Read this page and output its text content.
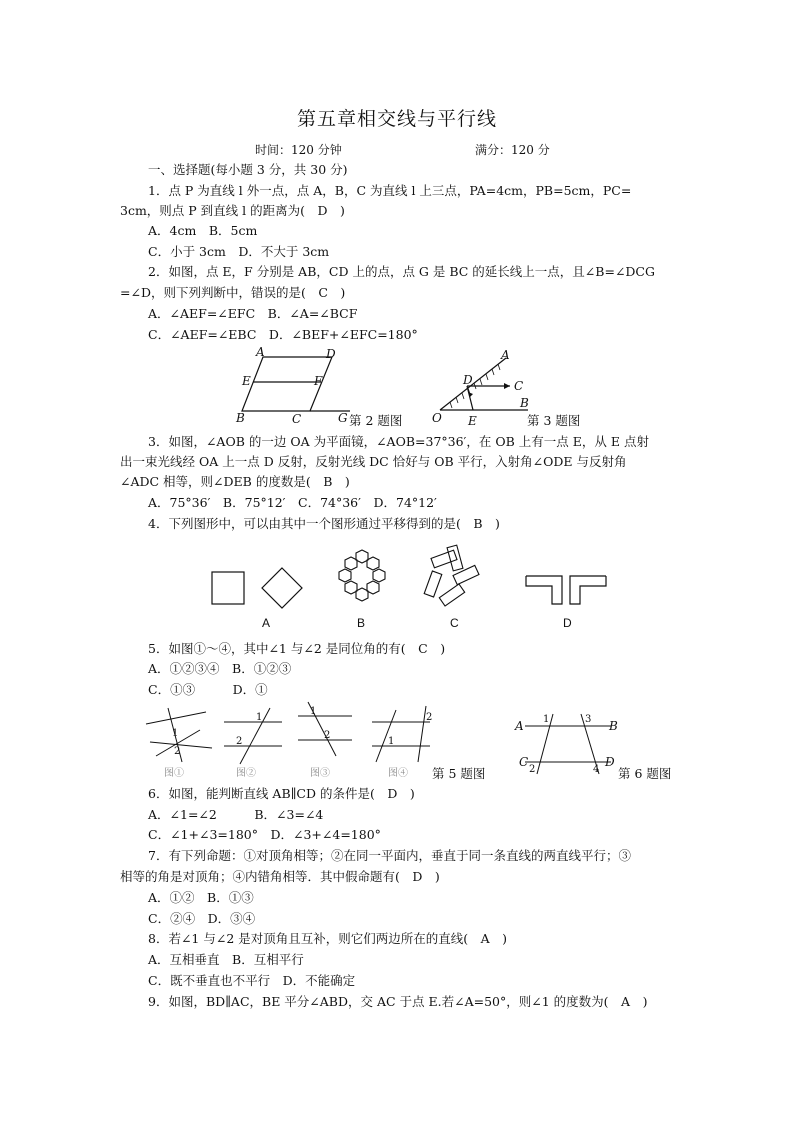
第五章相交线与平行线
时间：120 分钟	满分：120 分
一、选择题(每小题 3 分，共 30 分)
1．点 P 为直线 l 外一点，点 A，B，C 为直线 l 上三点，PA=4cm，PB=5cm，PC=
3cm，则点 P 到直线 l 的距离为(　D　)
A．4cm　B．5cm
C．小于 3cm　D．不大于 3cm
2．如图，点 E，F 分别是 AB，CD 上的点，点 G 是 BC 的延长线上一点，且∠B=∠DCG
=∠D，则下列判断中，错误的是(　C　)
A．∠AEF=∠EFC　B．∠A=∠BCF
C．∠AEF=∠EBC　D．∠BEF+∠EFC=180°
A	D
E	F
B	C	G 第 2 题图
A
D	C
O E
B
第 3 题图
3．如图，∠AOB 的一边 OA 为平面镜，∠AOB=37°36′，在 OB 上有一点 E，从 E 点射
出一束光线经 OA 上一点 D 反射，反射光线 DC 恰好与 OB 平行，入射角∠ODE 与反射角
∠ADC 相等，则∠DEB 的度数是(　B　)
A．75°36′　B．75°12′　C．74°36′　D．74°12′
4．下列图形中，可以由其中一个图形通过平移得到的是(　B　)
A	B	C	D
5．如图①～④，其中∠1 与∠2 是同位角的有(　C　)
A．①②③④　B．①②③
C．①③　　　D．①
1
2
1
2
1
2
2
1
图①	图②	图③	图④ 第 5 题图
A	B
C	D
1
2
3
4 第 6 题图
6．如图，能判断直线 AB∥CD 的条件是(　D　)
A．∠1=∠2　　　B．∠3=∠4
C．∠1+∠3=180°　D．∠3+∠4=180°
7．有下列命题：①对顶角相等；②在同一平面内，垂直于同一条直线的两直线平行；③
相等的角是对顶角；④内错角相等．其中假命题有(　D　)
A．①②　B．①③
C．②④　D．③④
8．若∠1 与∠2 是对顶角且互补，则它们两边所在的直线(　A　)
A．互相垂直　B．互相平行
C．既不垂直也不平行　D．不能确定
9．如图，BD∥AC，BE 平分∠ABD，交 AC 于点 E.若∠A=50°，则∠1 的度数为(　A　)
